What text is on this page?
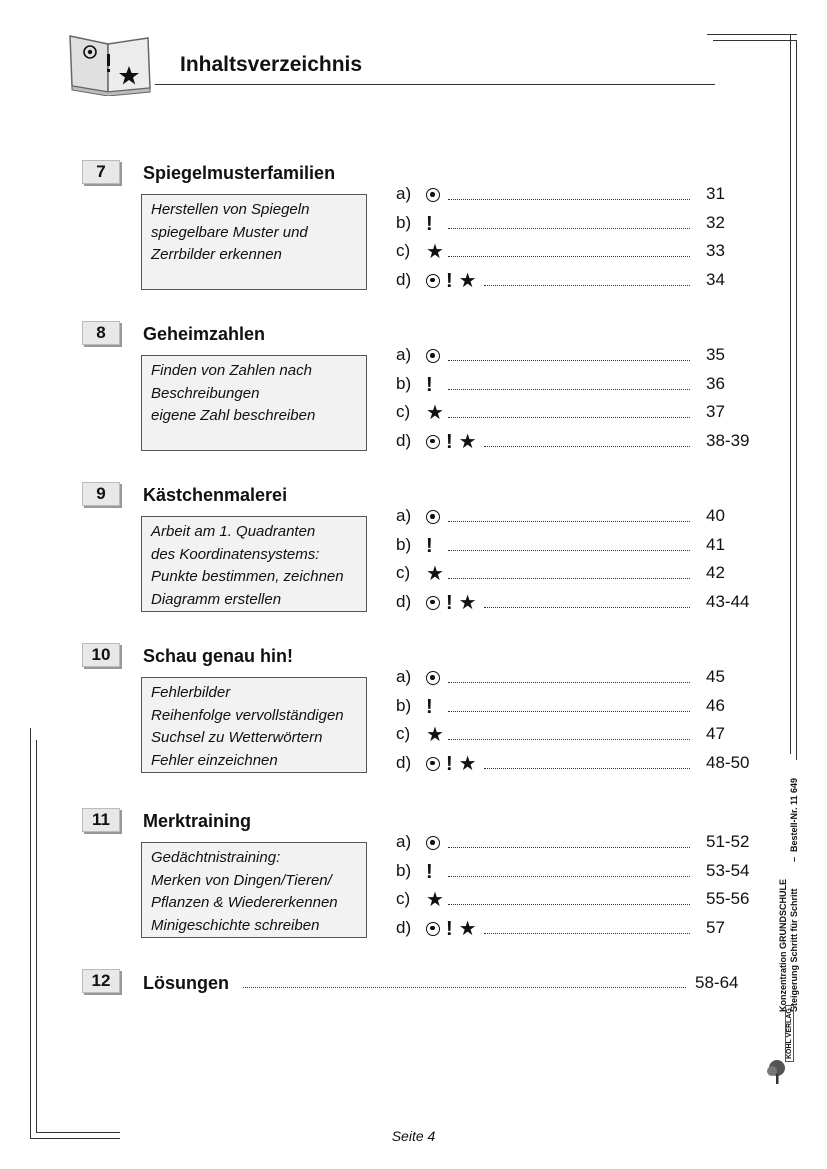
Inhaltsverzeichnis
7	Spiegelmusterfamilien
Herstellen von Spiegeln
spiegelbare Muster und
Zerrbilder erkennen
a)	31
b) !	32
c) ★	33
d) ! ★	34
8	Geheimzahlen
Finden von Zahlen nach
Beschreibungen
eigene Zahl beschreiben
a)	35
b) !	36
c) ★	37
d) ! ★	38-39
9	Kästchenmalerei
Arbeit am 1. Quadranten
des Koordinatensystems:
Punkte bestimmen, zeichnen
Diagramm erstellen
a)	40
b) !	41
c) ★	42
d) ! ★	43-44
10	Schau genau hin!
Fehlerbilder
Reihenfolge vervollständigen
Suchsel zu Wetterwörtern
Fehler einzeichnen
a)	45
b) !	46
c) ★	47
d) ! ★	48-50
11	Merktraining
Gedächtnistraining:
Merken von Dingen/Tieren/
Pflanzen & Wiedererkennen
Minigeschichte schreiben
a)	51-52
b) !	53-54
c) ★	55-56
d) ! ★	57
12	Lösungen	58-64	Konzentration GRUNDSCHULE Steigerung Schritt für Schritt
–
Bestell-Nr. 11 649
KOHL VERLAG
Seite 4
